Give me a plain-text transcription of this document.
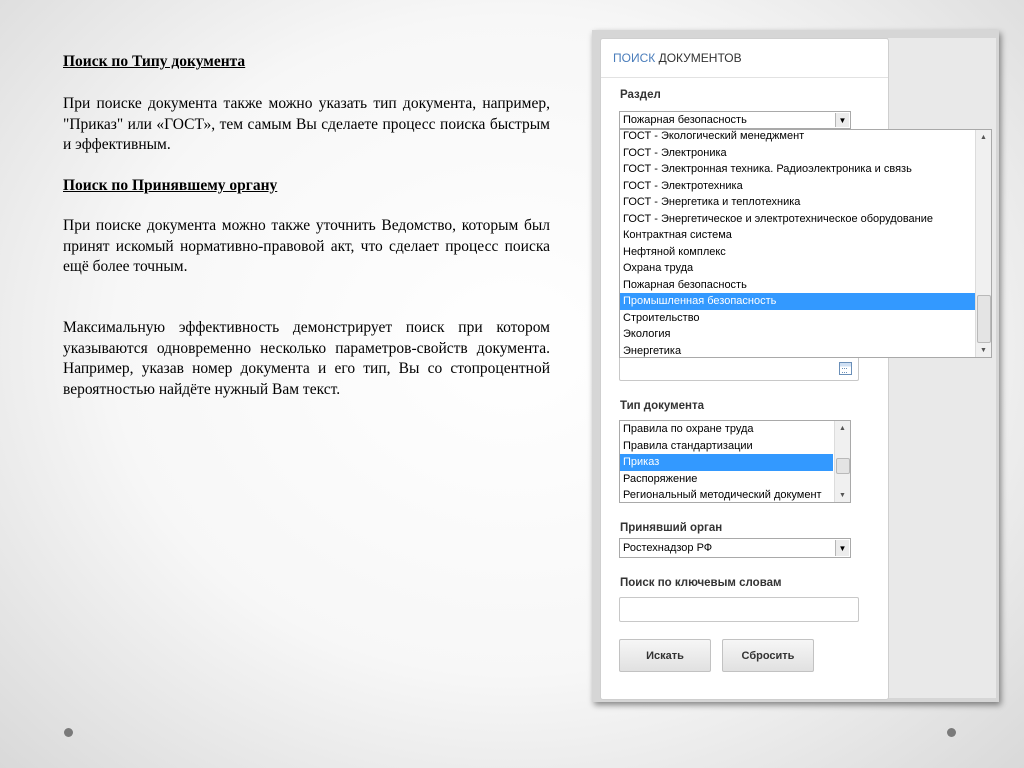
Поиск по Типу документа

При поиске документа также можно указать тип документа, например, "Приказ" или «ГОСТ», тем самым Вы сделаете процесс поиска быстрым и эффективным.

Поиск по Принявшему органу

При поиске документа можно также уточнить Ведомство, которым был принят искомый нормативно-правовой акт, что сделает процесс поиска ещё более точным.

Максимальную эффективность демонстрирует поиск при котором указываются одновременно несколько параметров-свойств документа. Например, указав номер документа и его тип, Вы со стопроцентной вероятностью найдёте нужный Вам текст.

ПОИСК ДОКУМЕНТОВ
Раздел
Пожарная безопасность	▼
Тип документа
Правила по охране труда
Правила стандартизации
Приказ
Распоряжение
Региональный методический документ
▲
▼
Принявший орган
Ростехнадзор РФ	▼
Поиск по ключевым словам
Искать	Сбросить
ГОСТ - Экологический менеджмент
ГОСТ - Электроника
ГОСТ - Электронная техника. Радиоэлектроника и связь
ГОСТ - Электротехника
ГОСТ - Энергетика и теплотехника
ГОСТ - Энергетическое и электротехническое оборудование
Контрактная система
Нефтяной комплекс
Охрана труда
Пожарная безопасность
Промышленная безопасность
Строительство
Экология
Энергетика
▲
▼
